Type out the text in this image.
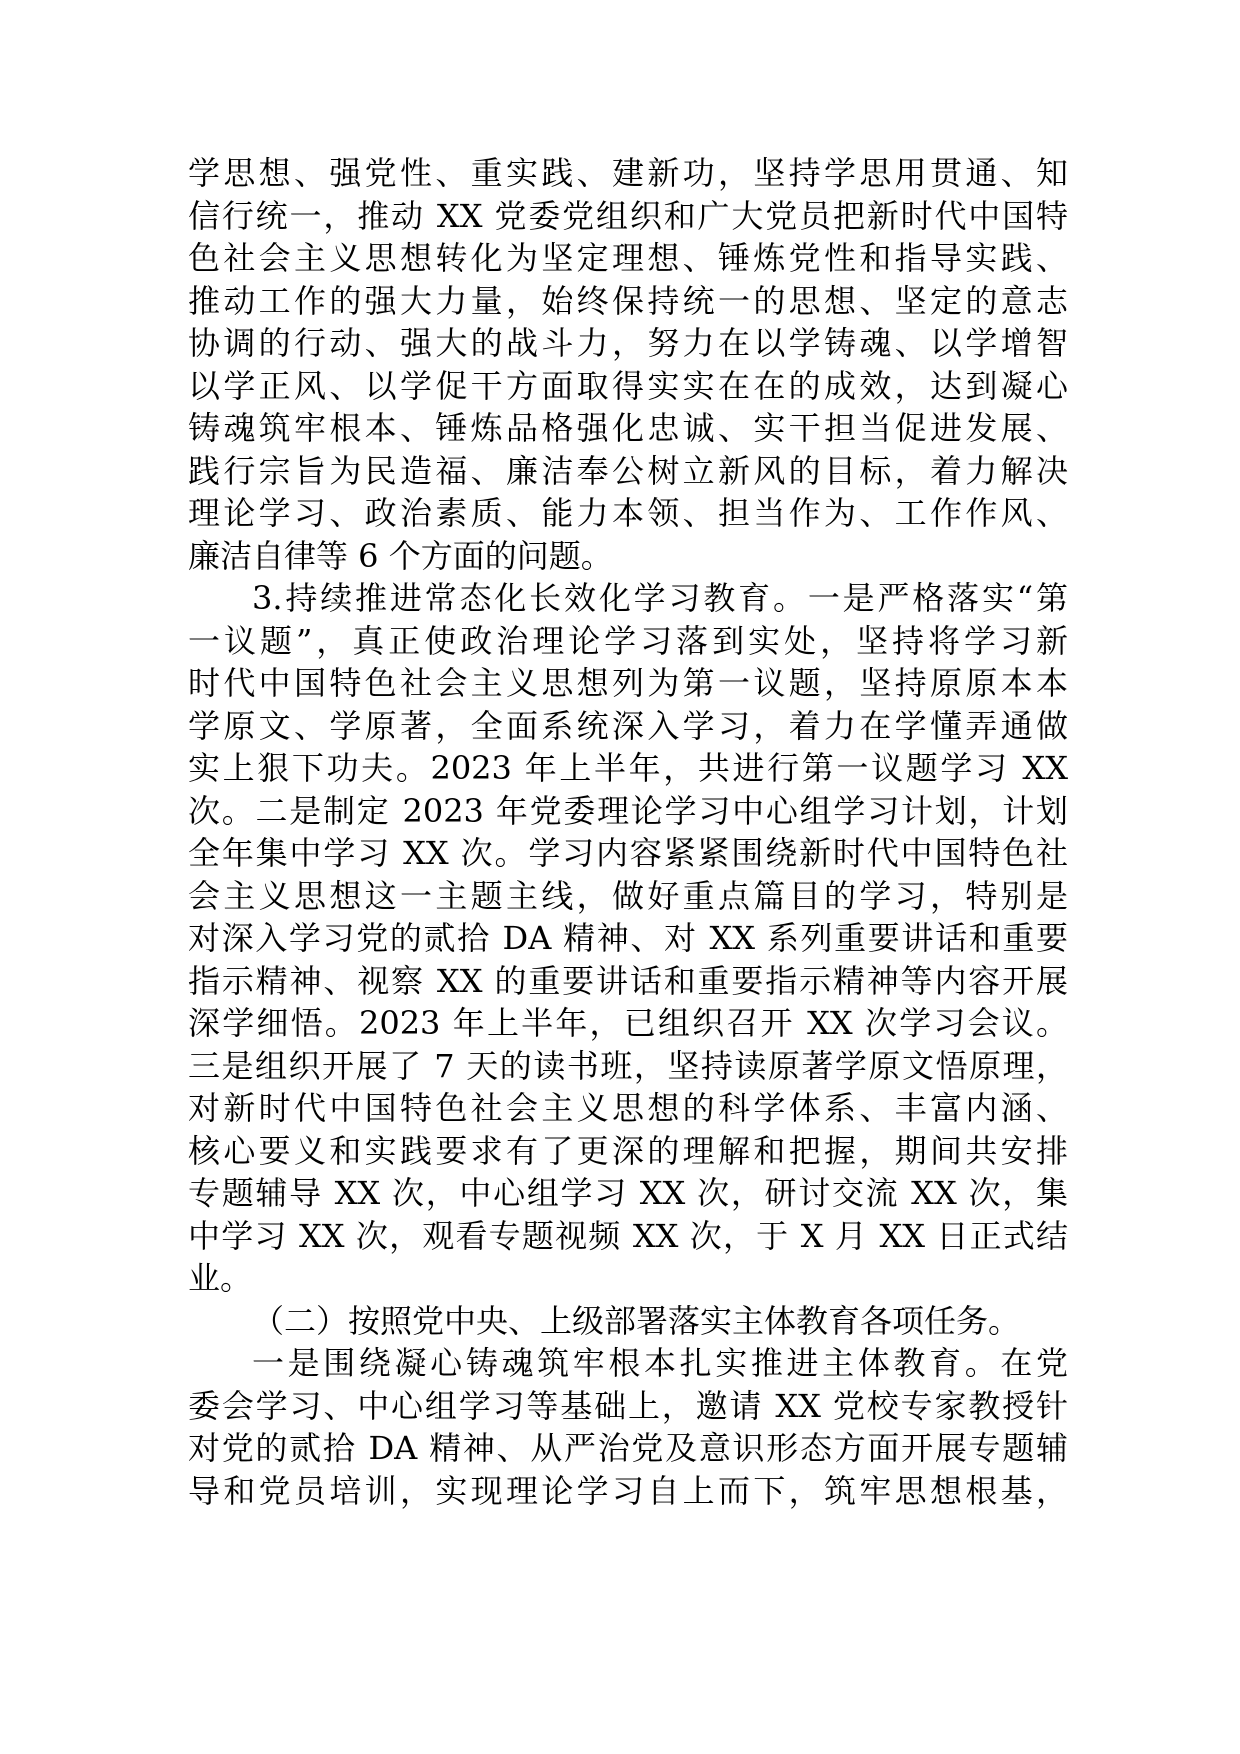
学思想、强党性、重实践、建新功，坚持学思用贯通、知
信行统一，推动 XX 党委党组织和广大党员把新时代中国特
色社会主义思想转化为坚定理想、锤炼党性和指导实践、
推动工作的强大力量，始终保持统一的思想、坚定的意志
协调的行动、强大的战斗力，努力在以学铸魂、以学增智
以学正风、以学促干方面取得实实在在的成效，达到凝心
铸魂筑牢根本、锤炼品格强化忠诚、实干担当促进发展、
践行宗旨为民造福、廉洁奉公树立新风的目标，着力解决
理论学习、政治素质、能力本领、担当作为、工作作风、
廉洁自律等 6 个方面的问题。
3.持续推进常态化长效化学习教育。一是严格落实“第
一议题”，真正使政治理论学习落到实处，坚持将学习新
时代中国特色社会主义思想列为第一议题，坚持原原本本
学原文、学原著，全面系统深入学习，着力在学懂弄通做
实上狠下功夫。2023 年上半年，共进行第一议题学习 XX
次。二是制定 2023 年党委理论学习中心组学习计划，计划
全年集中学习 XX 次。学习内容紧紧围绕新时代中国特色社
会主义思想这一主题主线，做好重点篇目的学习，特别是
对深入学习党的贰拾 DA 精神、对 XX 系列重要讲话和重要
指示精神、视察 XX 的重要讲话和重要指示精神等内容开展
深学细悟。2023 年上半年，已组织召开 XX 次学习会议。
三是组织开展了 7 天的读书班，坚持读原著学原文悟原理，
对新时代中国特色社会主义思想的科学体系、丰富内涵、
核心要义和实践要求有了更深的理解和把握，期间共安排
专题辅导 XX 次，中心组学习 XX 次，研讨交流 XX 次，集
中学习 XX 次，观看专题视频 XX 次，于 X 月 XX 日正式结
业。
（二）按照党中央、上级部署落实主体教育各项任务。
一是围绕凝心铸魂筑牢根本扎实推进主体教育。在党
委会学习、中心组学习等基础上，邀请 XX 党校专家教授针
对党的贰拾 DA 精神、从严治党及意识形态方面开展专题辅
导和党员培训，实现理论学习自上而下，筑牢思想根基，
